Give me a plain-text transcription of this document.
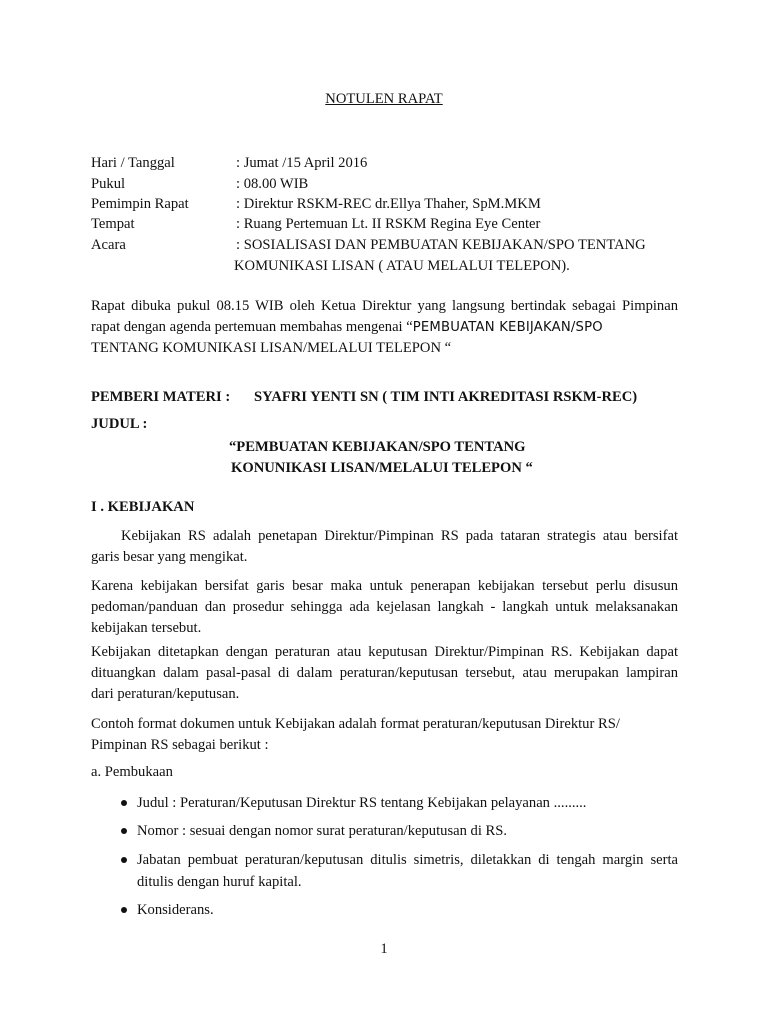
NOTULEN RAPAT
Hari / Tanggal	: Jumat /15 April 2016
Pukul	: 08.00 WIB
Pemimpin Rapat	: Direktur RSKM-REC dr.Ellya Thaher, SpM.MKM
Tempat	: Ruang Pertemuan Lt. II RSKM Regina Eye Center
Acara	: SOSIALISASI DAN PEMBUATAN KEBIJAKAN/SPO TENTANG
KOMUNIKASI LISAN ( ATAU MELALUI TELEPON).
Rapat dibuka pukul 08.15 WIB oleh Ketua Direktur yang langsung bertindak sebagai Pimpinan
rapat dengan agenda pertemuan membahas mengenai “PEMBUATAN KEBIJAKAN/SPO
TENTANG KOMUNIKASI LISAN/MELALUI TELEPON “
PEMBERI MATERI : SYAFRI YENTI SN ( TIM INTI AKREDITASI RSKM-REC)
JUDUL :
“PEMBUATAN KEBIJAKAN/SPO TENTANG
KONUNIKASI LISAN/MELALUI TELEPON “
I . KEBIJAKAN
Kebijakan RS adalah penetapan Direktur/Pimpinan RS pada tataran strategis atau bersifat
garis besar yang mengikat.
Karena kebijakan bersifat garis besar maka untuk penerapan kebijakan tersebut perlu disusun
pedoman/panduan dan prosedur sehingga ada kejelasan langkah - langkah untuk melaksanakan
kebijakan tersebut.
Kebijakan ditetapkan dengan peraturan atau keputusan Direktur/Pimpinan RS. Kebijakan dapat
dituangkan dalam pasal-pasal di dalam peraturan/keputusan tersebut, atau merupakan lampiran
dari peraturan/keputusan.
Contoh format dokumen untuk Kebijakan adalah format peraturan/keputusan Direktur RS/
Pimpinan RS sebagai berikut :
a. Pembukaan
Judul : Peraturan/Keputusan Direktur RS tentang Kebijakan pelayanan .........
Nomor : sesuai dengan nomor surat peraturan/keputusan di RS.
Jabatan pembuat peraturan/keputusan ditulis simetris, diletakkan di tengah margin serta
ditulis dengan huruf kapital.
Konsiderans.
1
